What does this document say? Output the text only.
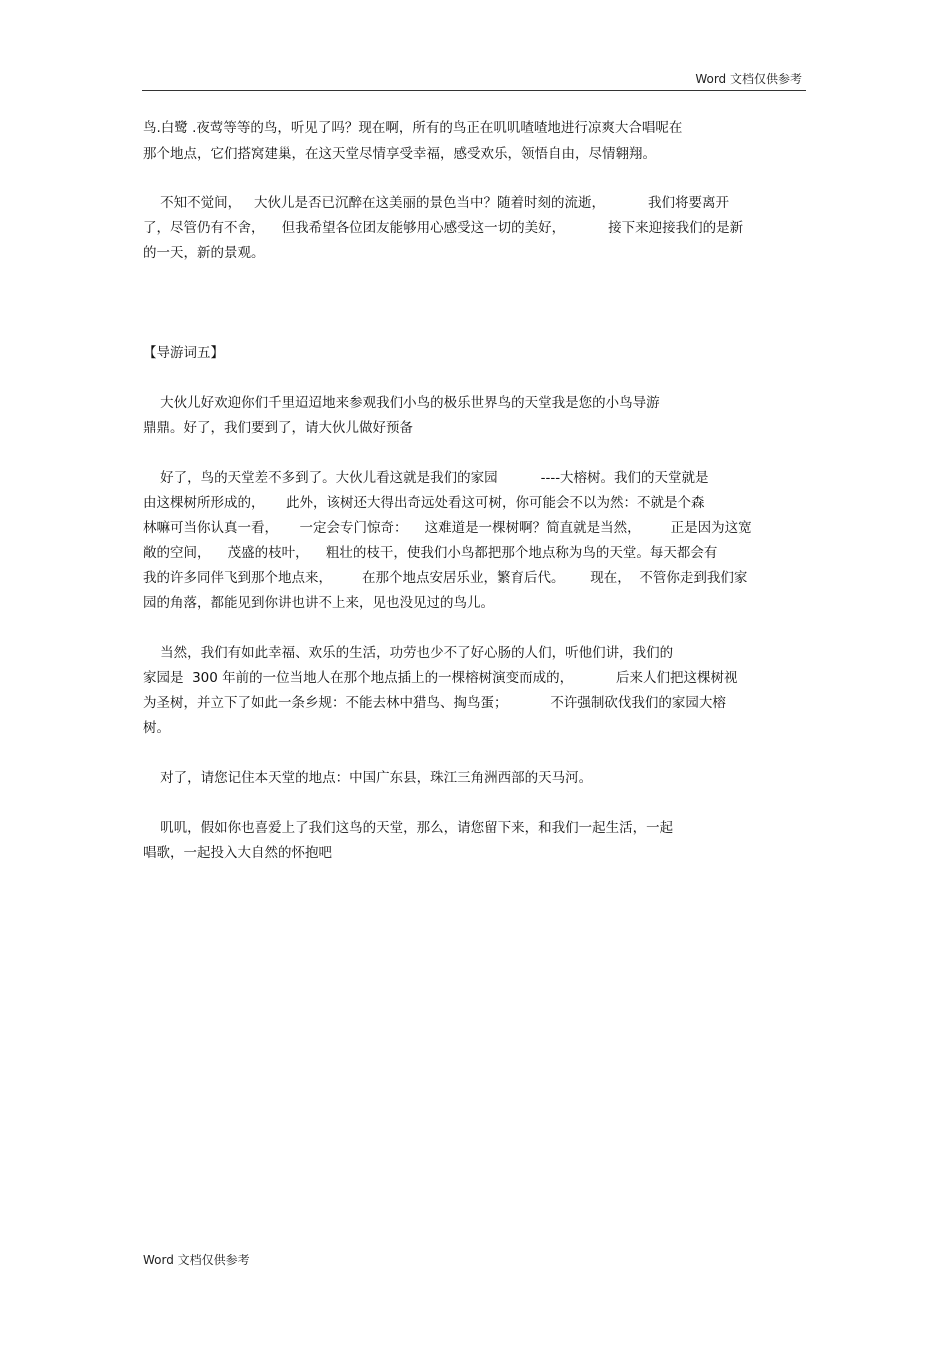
Word 文档仅供参考
鸟.白鹭 .夜莺等等的鸟，听见了吗？现在啊，所有的鸟正在叽叽喳喳地进行凉爽大合唱呢在
那个地点，它们搭窝建巢，在这天堂尽情享受幸福，感受欢乐，领悟自由，尽情翱翔。
不知不觉间，   大伙儿是否已沉醉在这美丽的景色当中？随着时刻的流逝，          我们将要离开
了，尽管仍有不舍，    但我希望各位团友能够用心感受这一切的美好，          接下来迎接我们的是新
的一天，新的景观。
【导游词五】
大伙儿好欢迎你们千里迢迢地来参观我们小鸟的极乐世界鸟的天堂我是您的小鸟导游
鼎鼎。好了，我们要到了，请大伙儿做好预备
好了，鸟的天堂差不多到了。大伙儿看这就是我们的家园          ----大榕树。我们的天堂就是
由这棵树所形成的，     此外，该树还大得出奇远处看这可树，你可能会不以为然：不就是个森
林嘛可当你认真一看，     一定会专门惊奇：    这难道是一棵树啊？简直就是当然，       正是因为这宽
敞的空间，    茂盛的枝叶，    粗壮的枝干，使我们小鸟都把那个地点称为鸟的天堂。每天都会有
我的许多同伴飞到那个地点来，       在那个地点安居乐业，繁育后代。      现在，  不管你走到我们家
园的角落，都能见到你讲也讲不上来，见也没见过的鸟儿。
当然，我们有如此幸福、欢乐的生活，功劳也少不了好心肠的人们，听他们讲，我们的
家园是  300 年前的一位当地人在那个地点插上的一棵榕树演变而成的，          后来人们把这棵树视
为圣树，并立下了如此一条乡规：不能去林中猎鸟、掏鸟蛋；          不许强制砍伐我们的家园大榕
树。
对了，请您记住本天堂的地点：中国广东县，珠江三角洲西部的天马河。
叽叽，假如你也喜爱上了我们这鸟的天堂，那么，请您留下来，和我们一起生活，一起
唱歌，一起投入大自然的怀抱吧
Word 文档仅供参考
